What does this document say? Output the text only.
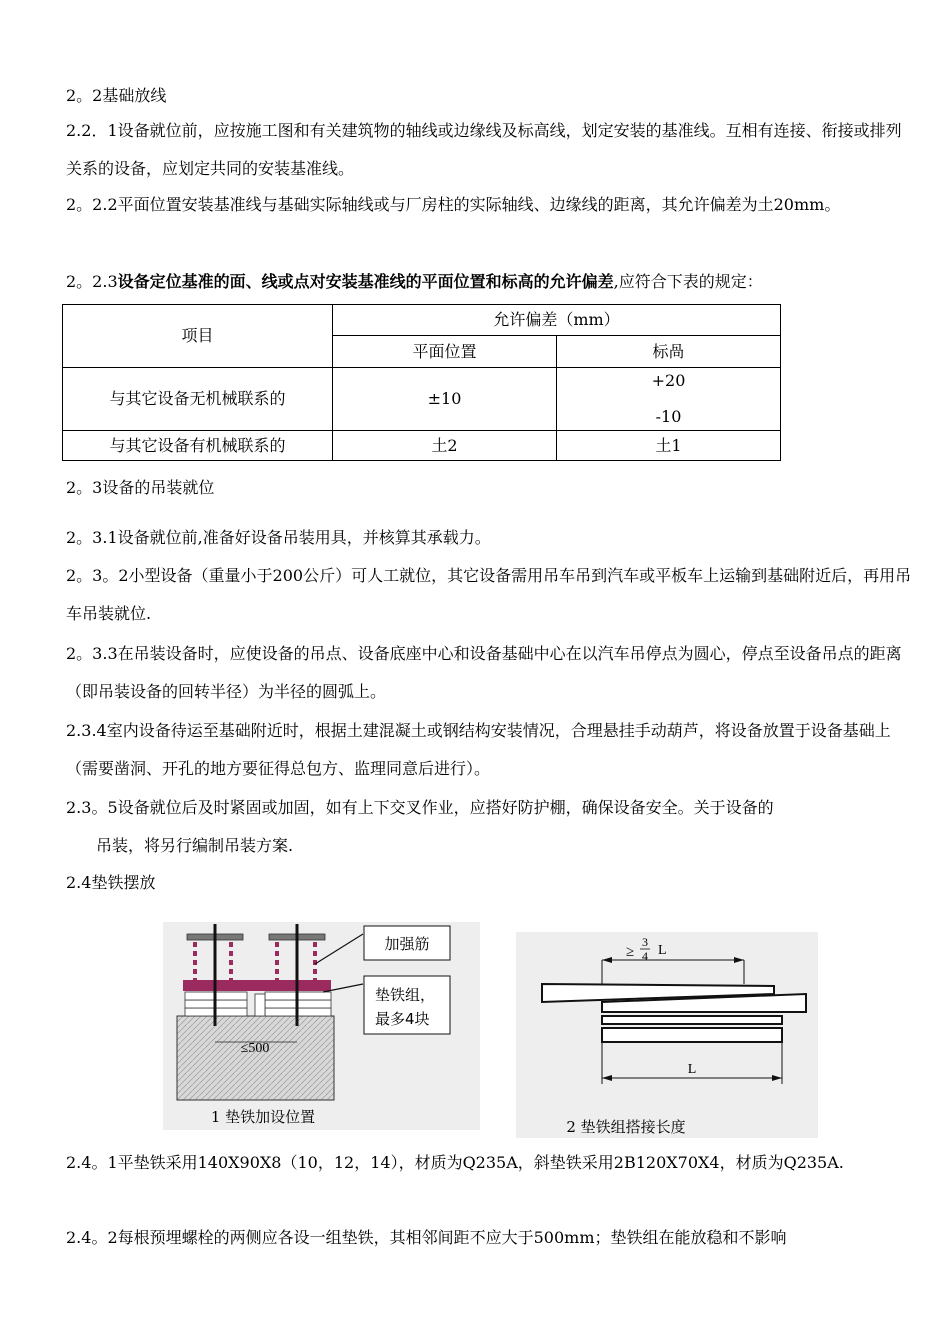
2。2基础放线
2.2．1设备就位前，应按施工图和有关建筑物的轴线或边缘线及标高线，划定安装的基准线。互相有连接、衔接或排列关系的设备，应划定共同的安装基准线。
2。2.2平面位置安装基准线与基础实际轴线或与厂房柱的实际轴线、边缘线的距离，其允许偏差为土20mm。
2。2.3设备定位基准的面、线或点对安装基准线的平面位置和标高的允许偏差,应符合下表的规定：
项目	允许偏差（mm）	
	平面位置	标咼
与其它设备无机械联系的	±10	+20
-10

与其它设备有机械联系的	土2	土1
2。3设备的吊装就位
2。3.1设备就位前,准备好设备吊装用具，并核算其承载力。
2。3。2小型设备（重量小于200公斤）可人工就位，其它设备需用吊车吊到汽车或平板车上运输到基础附近后，再用吊车吊装就位.
2。3.3在吊装设备时，应使设备的吊点、设备底座中心和设备基础中心在以汽车吊停点为圆心，停点至设备吊点的距离（即吊装设备的回转半径）为半径的圆弧上。
2.3.4室内设备待运至基础附近时，根据土建混凝土或钢结构安装情况，合理悬挂手动葫芦，将设备放置于设备基础上（需要凿洞、开孔的地方要征得总包方、监理同意后进行）。
2.3。5设备就位后及时紧固或加固，如有上下交叉作业，应搭好防护棚，确保设备安全。关于设备的
吊装，将另行编制吊装方案.
2.4垫铁摆放
≤500
加强筋
垫铁组，
最多4块
1 垫铁加设位置
≥
3
4 L
L
2 垫铁组搭接长度
2.4。1平垫铁采用140X90X8（10，12，14），材质为Q235A，斜垫铁采用2B120X70X4，材质为Q235A.
2.4。2每根预埋螺栓的两侧应各设一组垫铁，其相邻间距不应大于500mm；垫铁组在能放稳和不影响
